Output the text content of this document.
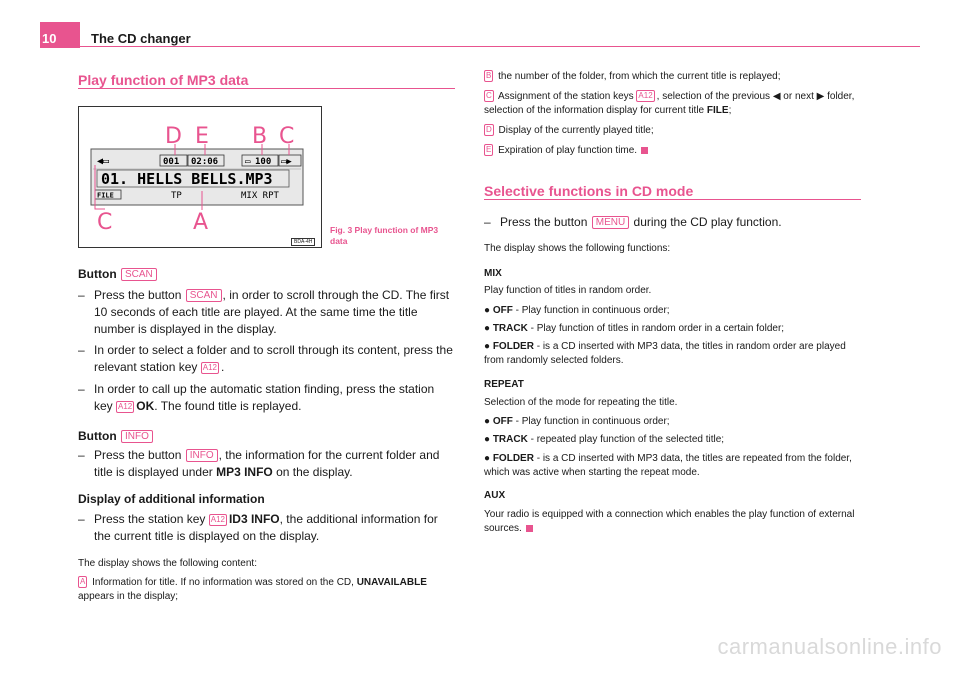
10	The CD changer
Play function of MP3 data
◀▭	001 02:06	▭ 100 ▭▶
01. HELLS BELLS.MP3
FILE	TP	MIX RPT
D E B C
C	A
BDA-4H
Fig. 3 Play function of MP3 data
Button SCAN
– Press the button SCAN , in order to scroll through the CD. The first 10 seconds of each title are played. At the same time the title number is displayed in the display.
– In order to select a folder and to scroll through its content, press the relevant station key A12 .
– In order to call up the automatic station finding, press the station key A12 OK. The found title is replayed.
Button INFO
– Press the button INFO , the information for the current folder and title is displayed under MP3 INFO on the display.
Display of additional information
– Press the station key A12 ID3 INFO, the additional information for the current title is displayed on the display.
The display shows the following content:
A Information for title. If no information was stored on the CD, UNAVAILABLE appears in the display;
B the number of the folder, from which the current title is replayed;
C Assignment of the station keys A12 , selection of the previous ◀ or next ▶ folder, selection of the information display for current title FILE;
D Display of the currently played title;
E Expiration of play function time.
Selective functions in CD mode
– Press the button MENU during the CD play function.
The display shows the following functions:
MIX
Play function of titles in random order.
● OFF - Play function in continuous order;
● TRACK - Play function of titles in random order in a certain folder;
● FOLDER - is a CD inserted with MP3 data, the titles in random order are played from randomly selected folders.
REPEAT
Selection of the mode for repeating the title.
● OFF - Play function in continuous order;
● TRACK - repeated play function of the selected title;
● FOLDER - is a CD inserted with MP3 data, the titles are repeated from the folder, which was active when starting the repeat mode.
AUX
Your radio is equipped with a connection which enables the play function of external sources.
carmanualsonline.info
